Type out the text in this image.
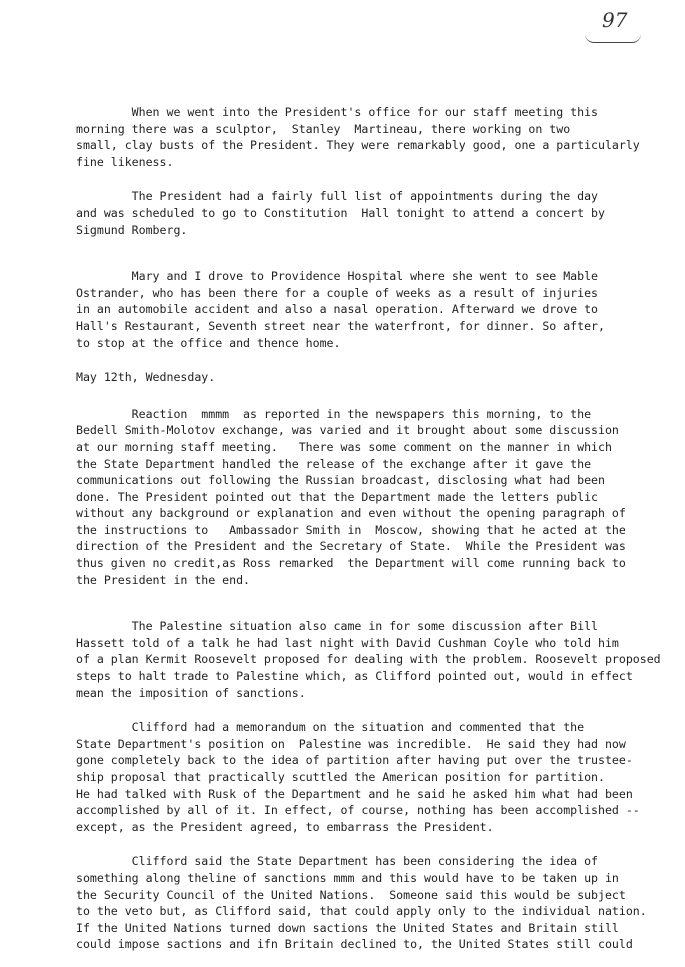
97
When we went into the President's office for our staff meeting this
morning there was a sculptor,  Stanley  Martineau, there working on two
small, clay busts of the President. They were remarkably good, one a particularly
fine likeness.
The President had a fairly full list of appointments during the day
and was scheduled to go to Constitution  Hall tonight to attend a concert by
Sigmund Romberg.
Mary and I drove to Providence Hospital where she went to see Mable
Ostrander, who has been there for a couple of weeks as a result of injuries
in an automobile accident and also a nasal operation. Afterward we drove to
Hall's Restaurant, Seventh street near the waterfront, for dinner. So after,
to stop at the office and thence home.
May 12th, Wednesday.
Reaction  mmmm  as reported in the newspapers this morning, to the
Bedell Smith-Molotov exchange, was varied and it brought about some discussion
at our morning staff meeting.   There was some comment on the manner in which
the State Department handled the release of the exchange after it gave the
communications out following the Russian broadcast, disclosing what had been
done. The President pointed out that the Department made the letters public
without any background or explanation and even without the opening paragraph of
the instructions to   Ambassador Smith in  Moscow, showing that he acted at the
direction of the President and the Secretary of State.  While the President was
thus given no credit,as Ross remarked  the Department will come running back to
the President in the end.
The Palestine situation also came in for some discussion after Bill
Hassett told of a talk he had last night with David Cushman Coyle who told him
of a plan Kermit Roosevelt proposed for dealing with the problem. Roosevelt proposed
steps to halt trade to Palestine which, as Clifford pointed out, would in effect
mean the imposition of sanctions.
Clifford had a memorandum on the situation and commented that the
State Department's position on  Palestine was incredible.  He said they had now
gone completely back to the idea of partition after having put over the trustee-
ship proposal that practically scuttled the American position for partition.
He had talked with Rusk of the Department and he said he asked him what had been
accomplished by all of it. In effect, of course, nothing has been accomplished --
except, as the President agreed, to embarrass the President.
Clifford said the State Department has been considering the idea of
something along theline of sanctions mmm and this would have to be taken up in
the Security Council of the United Nations.  Someone said this would be subject
to the veto but, as Clifford said, that could apply only to the individual nation.
If the United Nations turned down sactions the United States and Britain still
could impose sactions and ifn Britain declined to, the United States still could
